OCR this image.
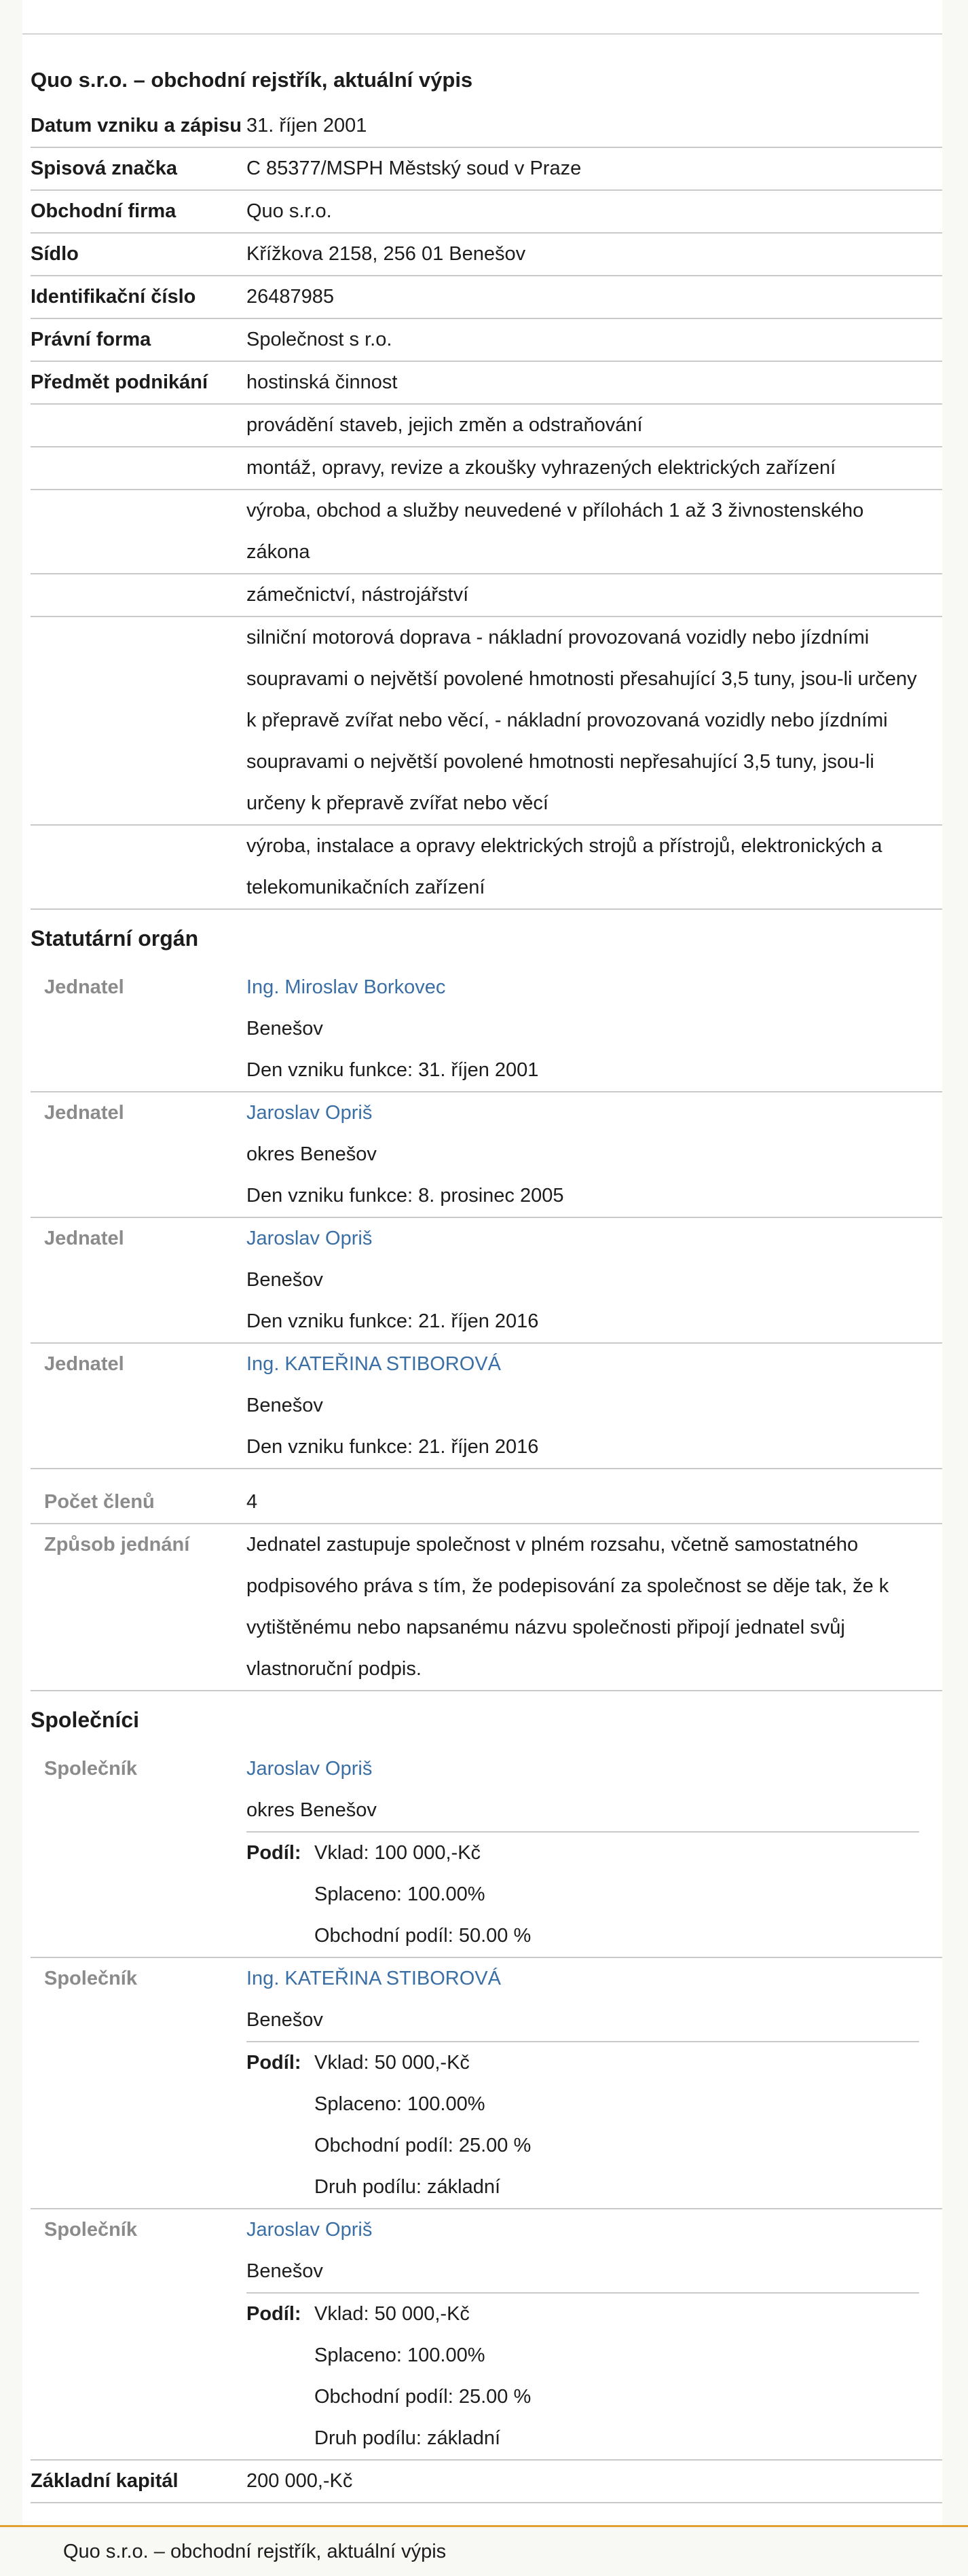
Quo s.r.o. – obchodní rejstřík, aktuální výpis
Datum vzniku a zápisu 31. říjen 2001
Spisová značka	C 85377/MSPH Městský soud v Praze
Obchodní firma	Quo s.r.o.
Sídlo	Křížkova 2158, 256 01 Benešov
Identifikační číslo	26487985
Právní forma	Společnost s r.o.
Předmět podnikání	hostinská činnost
provádění staveb, jejich změn a odstraňování
montáž, opravy, revize a zkoušky vyhrazených elektrických zařízení
výroba, obchod a služby neuvedené v přílohách 1 až 3 živnostenského zákona
zámečnictví, nástrojářství
silniční motorová doprava - nákladní provozovaná vozidly nebo jízdními soupravami o největší povolené hmotnosti přesahující 3,5 tuny, jsou-li určeny k přepravě zvířat nebo věcí, - nákladní provozovaná vozidly nebo jízdními soupravami o největší povolené hmotnosti nepřesahující 3,5 tuny, jsou-li určeny k přepravě zvířat nebo věcí
výroba, instalace a opravy elektrických strojů a přístrojů, elektronických a telekomunikačních zařízení
Statutární orgán
Jednatel	Ing. Miroslav Borkovec
Benešov
Den vzniku funkce: 31. říjen 2001
Jednatel	Jaroslav Opriš
okres Benešov
Den vzniku funkce: 8. prosinec 2005
Jednatel	Jaroslav Opriš
Benešov
Den vzniku funkce: 21. říjen 2016
Jednatel	Ing. KATEŘINA STIBOROVÁ
Benešov
Den vzniku funkce: 21. říjen 2016
Počet členů	4
Způsob jednání	Jednatel zastupuje společnost v plném rozsahu, včetně samostatného podpisového práva s tím, že podepisování za společnost se děje tak, že k vytištěnému nebo napsanému názvu společnosti připojí jednatel svůj vlastnoruční podpis.
Společníci
Společník	Jaroslav Opriš
okres Benešov
Podíl: Vklad: 100 000,-Kč
Splaceno: 100.00%
Obchodní podíl: 50.00 %
Společník	Ing. KATEŘINA STIBOROVÁ
Benešov
Podíl: Vklad: 50 000,-Kč
Splaceno: 100.00%
Obchodní podíl: 25.00 %
Druh podílu: základní
Společník	Jaroslav Opriš
Benešov
Podíl: Vklad: 50 000,-Kč
Splaceno: 100.00%
Obchodní podíl: 25.00 %
Druh podílu: základní
Základní kapitál	200 000,-Kč
Quo s.r.o. – obchodní rejstřík, aktuální výpis
